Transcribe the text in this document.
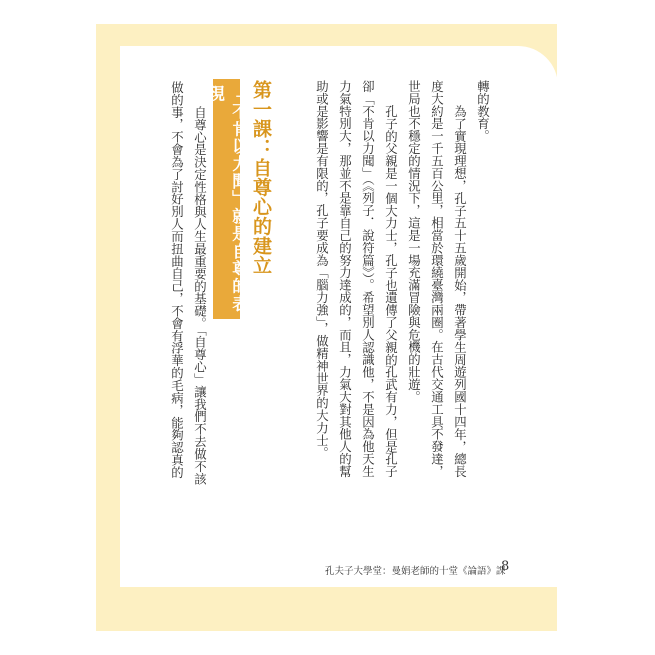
轉的教育。
為了實現理想，孔子五十五歲開始，帶著學生周遊列國十四年，總長
度大約是一千五百公里，相當於環繞臺灣兩圈。在古代交通工具不發達，
世局也不穩定的情況下，這是一場充滿冒險與危機的壯遊。
孔子的父親是一個大力士，孔子也遺傳了父親的孔武有力，但是孔子
卻「不肯以力聞」（《列子．說符篇》）。希望別人認識他，不是因為他天生
力氣特別大，那並不是靠自己的努力達成的，而且，力氣大對其他人的幫
助或是影響是有限的，孔子要成為「腦力強」，做精神世界的大力士。
第一課：自尊心的建立
「不肯以力聞」就是自尊的表現
自尊心是決定性格與人生最重要的基礎。「自尊心」讓我們不去做不該
做的事，不會為了討好別人而扭曲自己，不會有浮華的毛病，能夠認真的
孔夫子大學堂：曼娟老師的十堂《論語》課
8
